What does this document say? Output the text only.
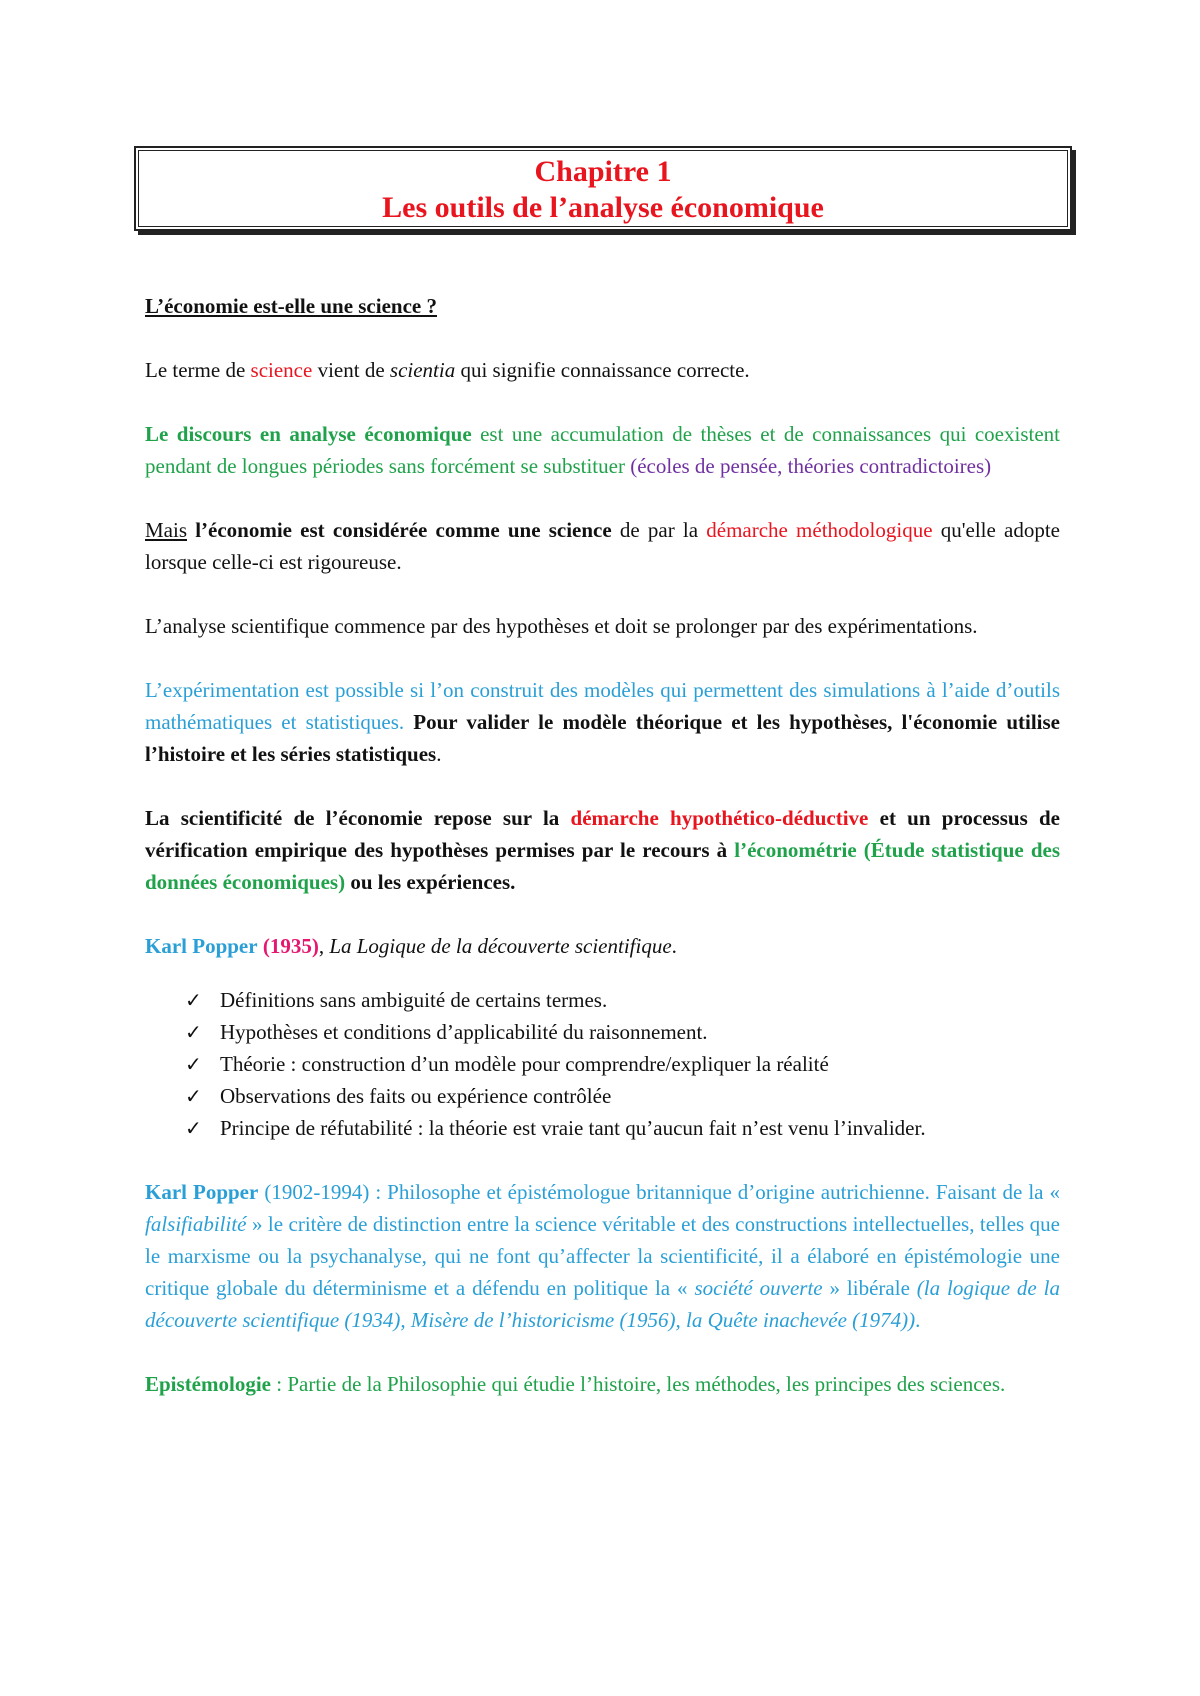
Chapitre 1
Les outils de l’analyse économique

L’économie est-elle une science ?

Le terme de science vient de scientia qui signifie connaissance correcte.

Le discours en analyse économique est une accumulation de thèses et de connaissances qui coexistent pendant de longues périodes sans forcément se substituer (écoles de pensée, théories contradictoires)

Mais l’économie est considérée comme une science de par la démarche méthodologique qu'elle adopte lorsque celle-ci est rigoureuse.

L’analyse scientifique commence par des hypothèses et doit se prolonger par des expérimentations.

L’expérimentation est possible si l’on construit des modèles qui permettent des simulations à l’aide d’outils mathématiques et statistiques. Pour valider le modèle théorique et les hypothèses, l'économie utilise l’histoire et les séries statistiques.

La scientificité de l’économie repose sur la démarche hypothético-déductive et un processus de vérification empirique des hypothèses permises par le recours à l’économétrie (Étude statistique des données économiques) ou les expériences.

Karl Popper (1935), La Logique de la découverte scientifique.

✓ Définitions sans ambiguité de certains termes.
✓ Hypothèses et conditions d’applicabilité du raisonnement.
✓ Théorie : construction d’un modèle pour comprendre/expliquer la réalité
✓ Observations des faits ou expérience contrôlée
✓ Principe de réfutabilité : la théorie est vraie tant qu’aucun fait n’est venu l’invalider.

Karl Popper (1902-1994) : Philosophe et épistémologue britannique d’origine autrichienne. Faisant de la « falsifiabilité » le critère de distinction entre la science véritable et des constructions intellectuelles, telles que le marxisme ou la psychanalyse, qui ne font qu’affecter la scientificité, il a élaboré en épistémologie une critique globale du déterminisme et a défendu en politique la « société ouverte » libérale (la logique de la découverte scientifique (1934), Misère de l’historicisme (1956), la Quête inachevée (1974)).

Epistémologie : Partie de la Philosophie qui étudie l’histoire, les méthodes, les principes des sciences.
